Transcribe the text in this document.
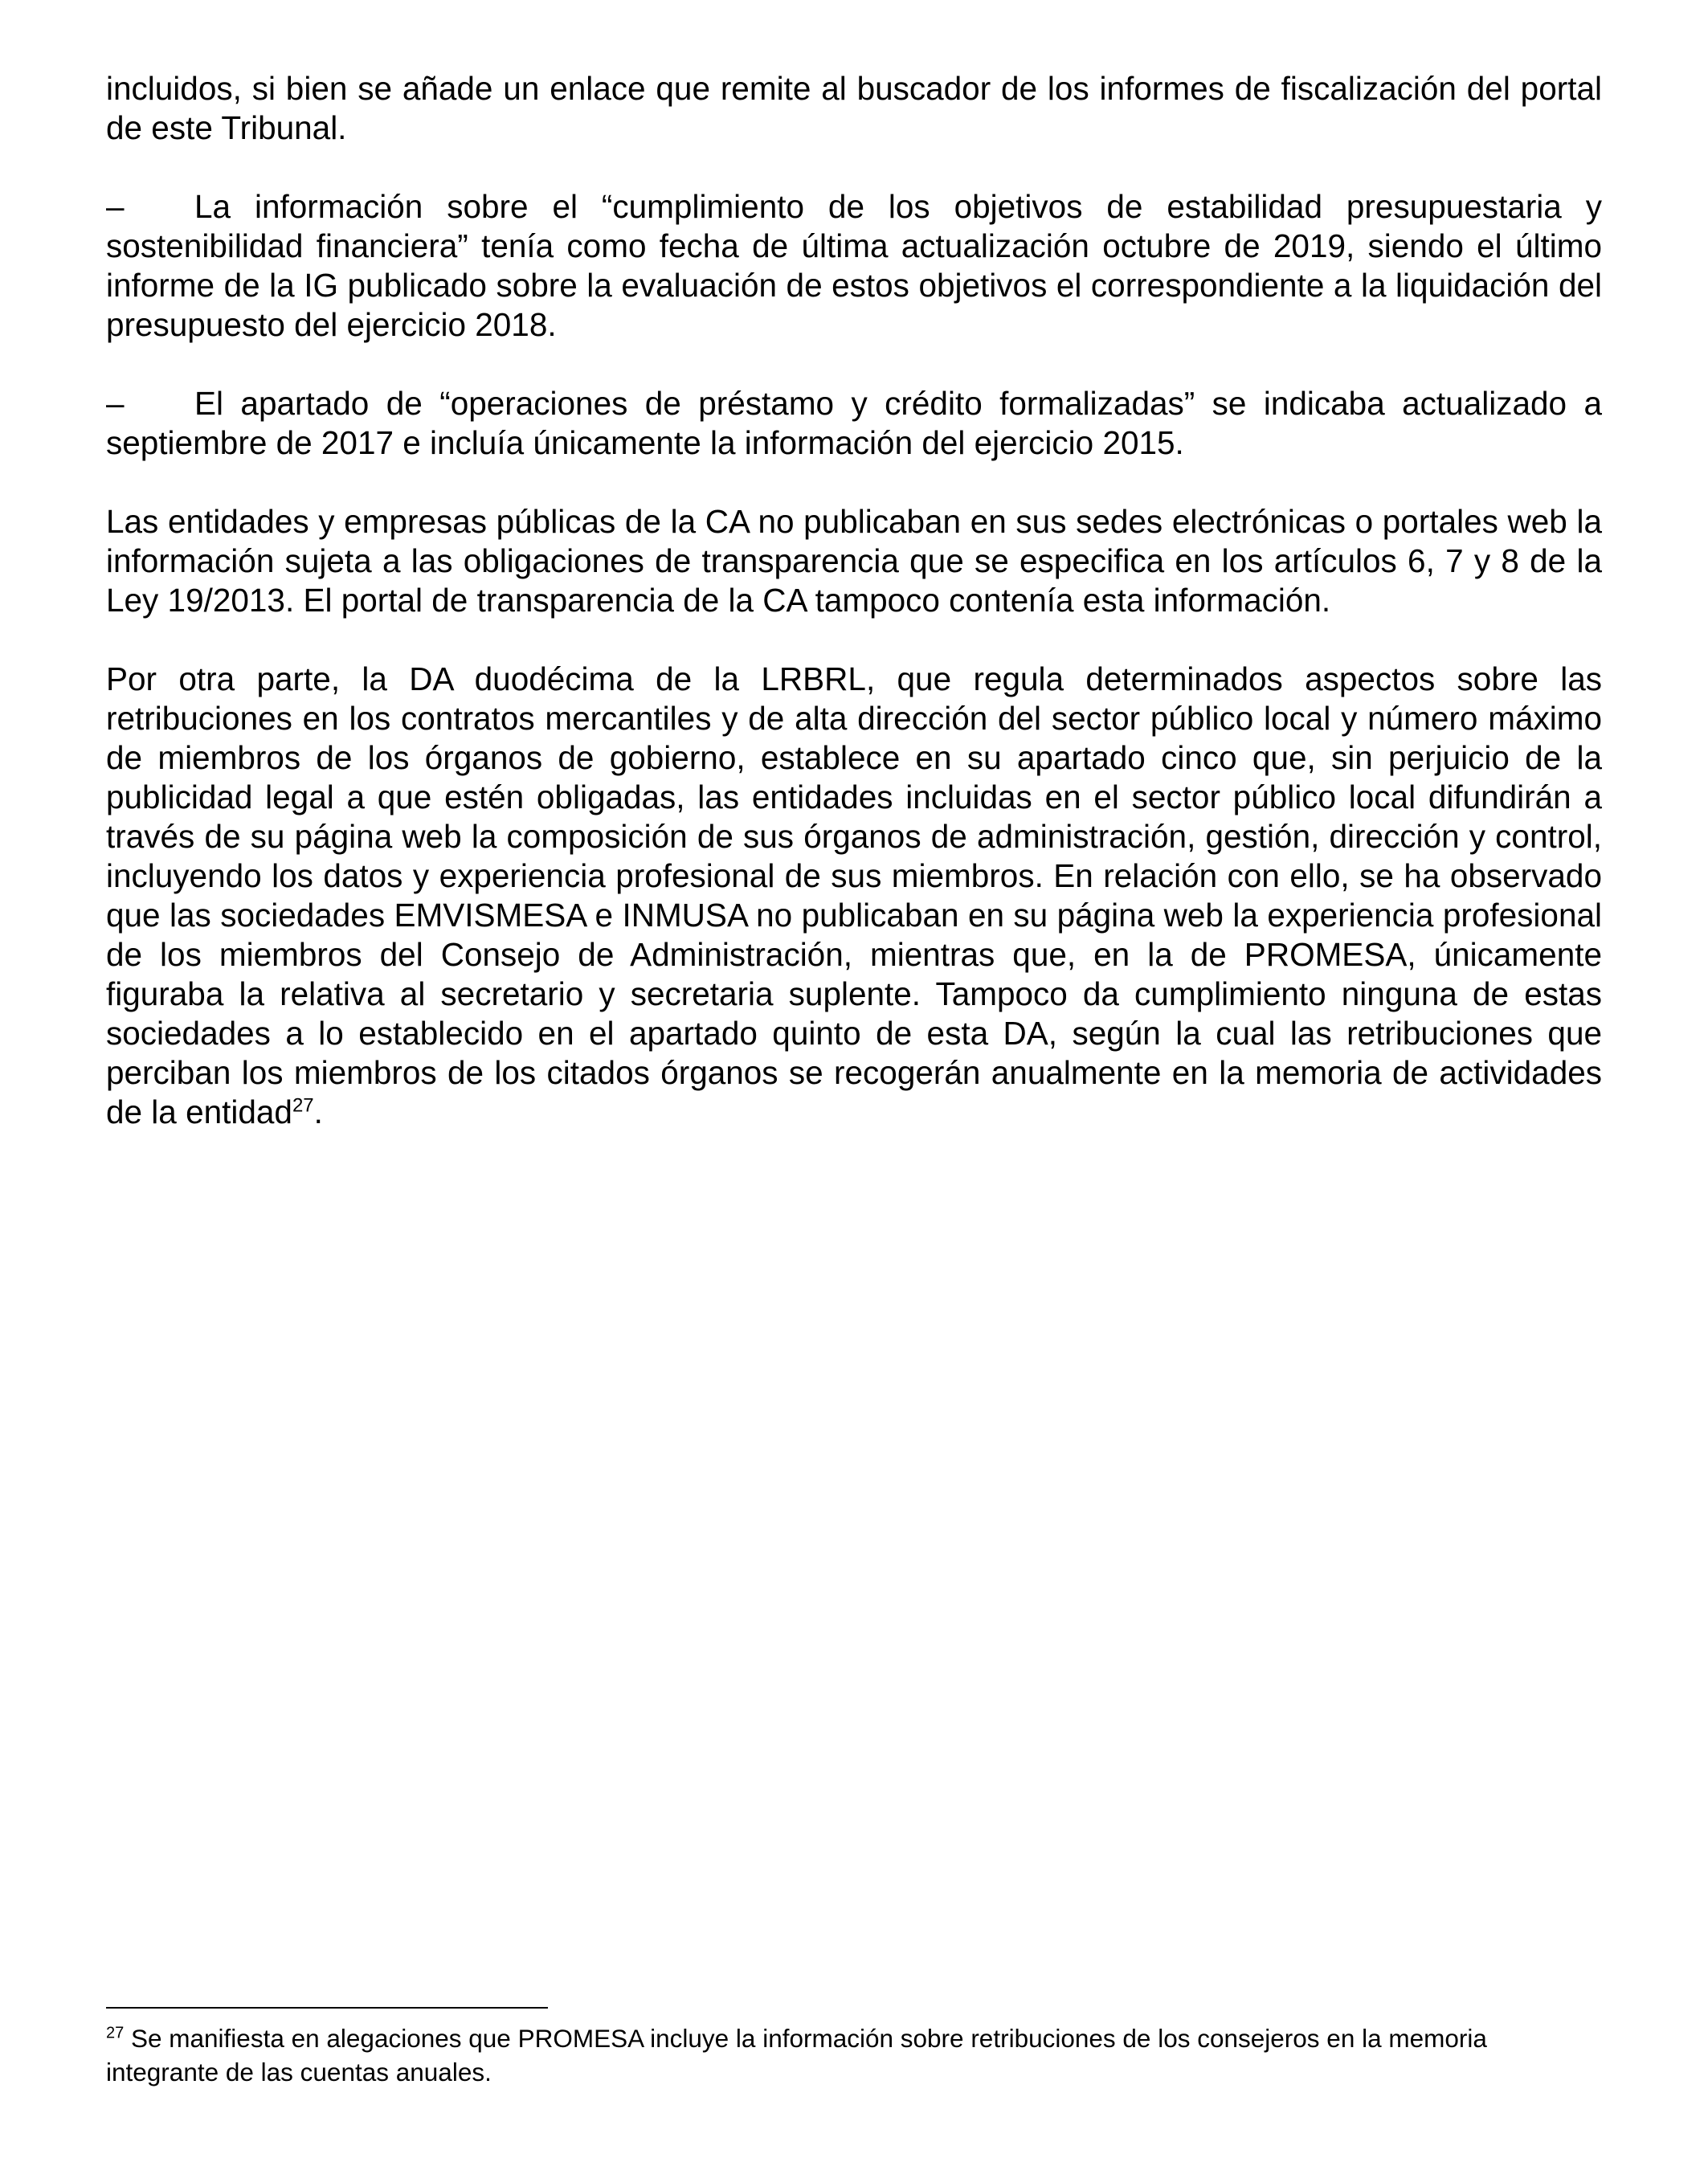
incluidos, si bien se añade un enlace que remite al buscador de los informes de fiscalización del portal de este Tribunal.

– La información sobre el “cumplimiento de los objetivos de estabilidad presupuestaria y sostenibilidad financiera” tenía como fecha de última actualización octubre de 2019, siendo el último informe de la IG publicado sobre la evaluación de estos objetivos el correspondiente a la liquidación del presupuesto del ejercicio 2018.

– El apartado de “operaciones de préstamo y crédito formalizadas” se indicaba actualizado a septiembre de 2017 e incluía únicamente la información del ejercicio 2015.

Las entidades y empresas públicas de la CA no publicaban en sus sedes electrónicas o portales web la información sujeta a las obligaciones de transparencia que se especifica en los artículos 6, 7 y 8 de la Ley 19/2013. El portal de transparencia de la CA tampoco contenía esta información.

Por otra parte, la DA duodécima de la LRBRL, que regula determinados aspectos sobre las retribuciones en los contratos mercantiles y de alta dirección del sector público local y número máximo de miembros de los órganos de gobierno, establece en su apartado cinco que, sin perjuicio de la publicidad legal a que estén obligadas, las entidades incluidas en el sector público local difundirán a través de su página web la composición de sus órganos de administración, gestión, dirección y control, incluyendo los datos y experiencia profesional de sus miembros. En relación con ello, se ha observado que las sociedades EMVISMESA e INMUSA no publicaban en su página web la experiencia profesional de los miembros del Consejo de Administración, mientras que, en la de PROMESA, únicamente figuraba la relativa al secretario y secretaria suplente. Tampoco da cumplimiento ninguna de estas sociedades a lo establecido en el apartado quinto de esta DA, según la cual las retribuciones que perciban los miembros de los citados órganos se recogerán anualmente en la memoria de actividades de la entidad$^{27}$.

$^{27}$ Se manifiesta en alegaciones que PROMESA incluye la información sobre retribuciones de los consejeros en la memoria integrante de las cuentas anuales.
